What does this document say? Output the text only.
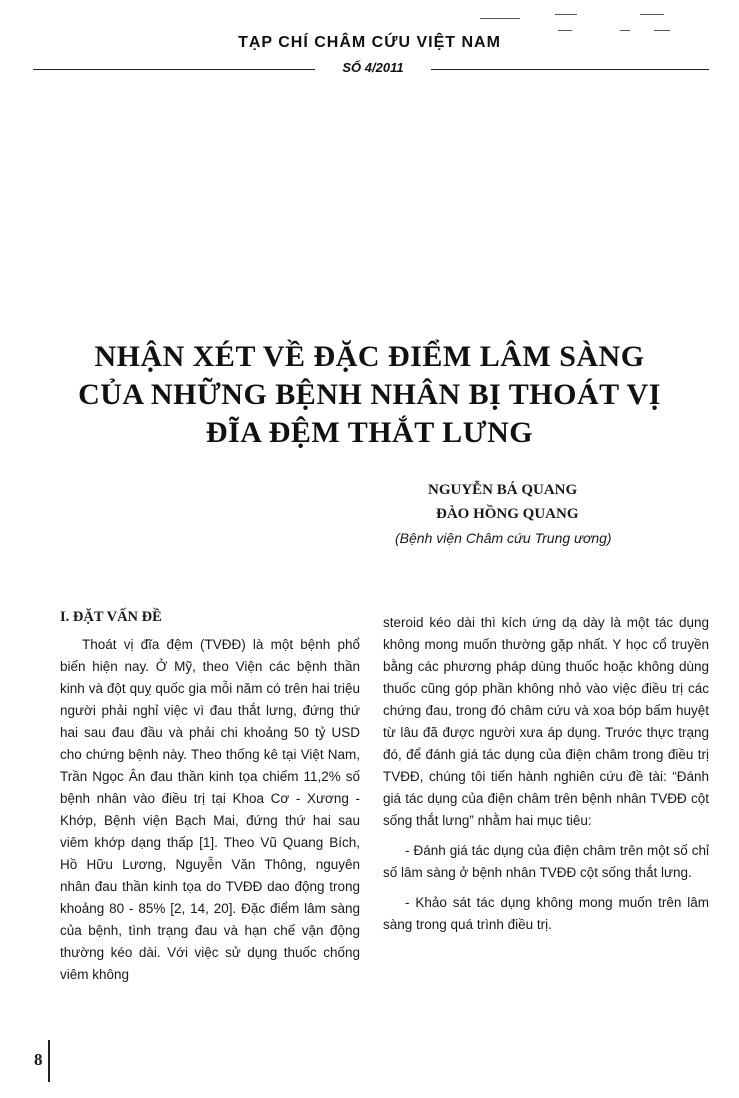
TẠP CHÍ CHÂM CỨU VIỆT NAM
SỐ 4/2011
NHẬN XÉT VỀ ĐẶC ĐIỂM LÂM SÀNG
CỦA NHỮNG BỆNH NHÂN BỊ THOÁT VỊ
ĐĨA ĐỆM THẮT LƯNG
NGUYỄN BÁ QUANG
ĐÀO HỒNG QUANG
(Bệnh viện Châm cứu Trung ương)

I. ĐẶT VẤN ĐỀ

Thoát vị đĩa đệm (TVĐĐ) là một bệnh phổ biến hiện nay. Ở Mỹ, theo Viện các bệnh thần kinh và đột quỵ quốc gia mỗi năm có trên hai triệu người phải nghỉ việc vì đau thắt lưng, đứng thứ hai sau đau đầu và phải chi khoảng 50 tỷ USD cho chứng bệnh này. Theo thống kê tại Việt Nam, Trần Ngọc Ân đau thần kinh tọa chiếm 11,2% số bệnh nhân vào điều trị tại Khoa Cơ - Xương - Khớp, Bệnh viện Bạch Mai, đứng thứ hai sau viêm khớp dạng thấp [1]. Theo Vũ Quang Bích, Hồ Hữu Lương, Nguyễn Văn Thông, nguyên nhân đau thần kinh tọa do TVĐĐ dao động trong khoảng 80 - 85% [2, 14, 20]. Đặc điểm lâm sàng của bệnh, tình trạng đau và hạn chế vận động thường kéo dài. Với việc sử dụng thuốc chống viêm không

steroid kéo dài thì kích ứng dạ dày là một tác dụng không mong muốn thường gặp nhất. Y học cổ truyền bằng các phương pháp dùng thuốc hoặc không dùng thuốc cũng góp phần không nhỏ vào việc điều trị các chứng đau, trong đó châm cứu và xoa bóp bấm huyệt từ lâu đã được người xưa áp dụng. Trước thực trạng đó, để đánh giá tác dụng của điện châm trong điều trị TVĐĐ, chúng tôi tiến hành nghiên cứu đề tài: “Đánh giá tác dụng của điện châm trên bệnh nhân TVĐĐ cột sống thắt lưng” nhằm hai mục tiêu:

- Đánh giá tác dụng của điện châm trên một số chỉ số lâm sàng ở bệnh nhân TVĐĐ cột sống thắt lưng.

- Khảo sát tác dụng không mong muốn trên lâm sàng trong quá trình điều trị.

8
